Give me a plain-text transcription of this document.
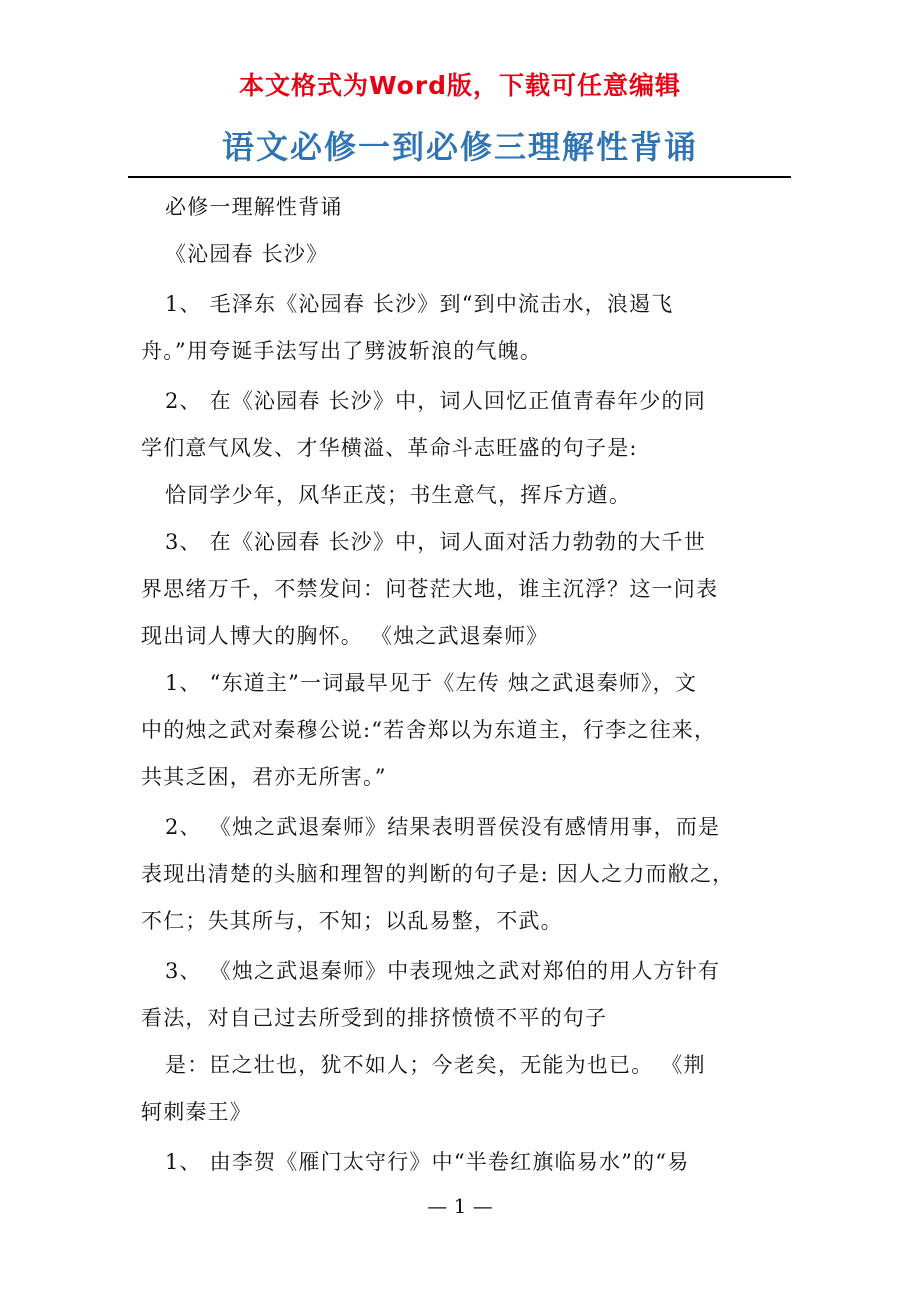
本文格式为Word版，下载可任意编辑
语文必修一到必修三理解性背诵

必修一理解性背诵

《沁园春 长沙》

1、 毛泽东《沁园春 长沙》到“到中流击水，浪遏飞

舟。”用夸诞手法写出了劈波斩浪的气魄。

2、 在《沁园春 长沙》中，词人回忆正值青春年少的同

学们意气风发、才华横溢、革命斗志旺盛的句子是:

恰同学少年，风华正茂；书生意气，挥斥方遒。

3、 在《沁园春 长沙》中，词人面对活力勃勃的大千世

界思绪万千，不禁发问：问苍茫大地，谁主沉浮？这一问表

现出词人博大的胸怀。 《烛之武退秦师》

1、 “东道主”一词最早见于《左传 烛之武退秦师》，文

中的烛之武对秦穆公说:“若舍郑以为东道主，行李之往来，

共其乏困，君亦无所害。”

2、 《烛之武退秦师》结果表明晋侯没有感情用事，而是

表现出清楚的头脑和理智的判断的句子是: 因人之力而敝之，

不仁；失其所与，不知；以乱易整，不武。

3、 《烛之武退秦师》中表现烛之武对郑伯的用人方针有

看法，对自己过去所受到的排挤愤愤不平的句子

是：臣之壮也，犹不如人；今老矣，无能为也已。 《荆

轲刺秦王》

1、 由李贺《雁门太守行》中“半卷红旗临易水”的“易

— 1 —
